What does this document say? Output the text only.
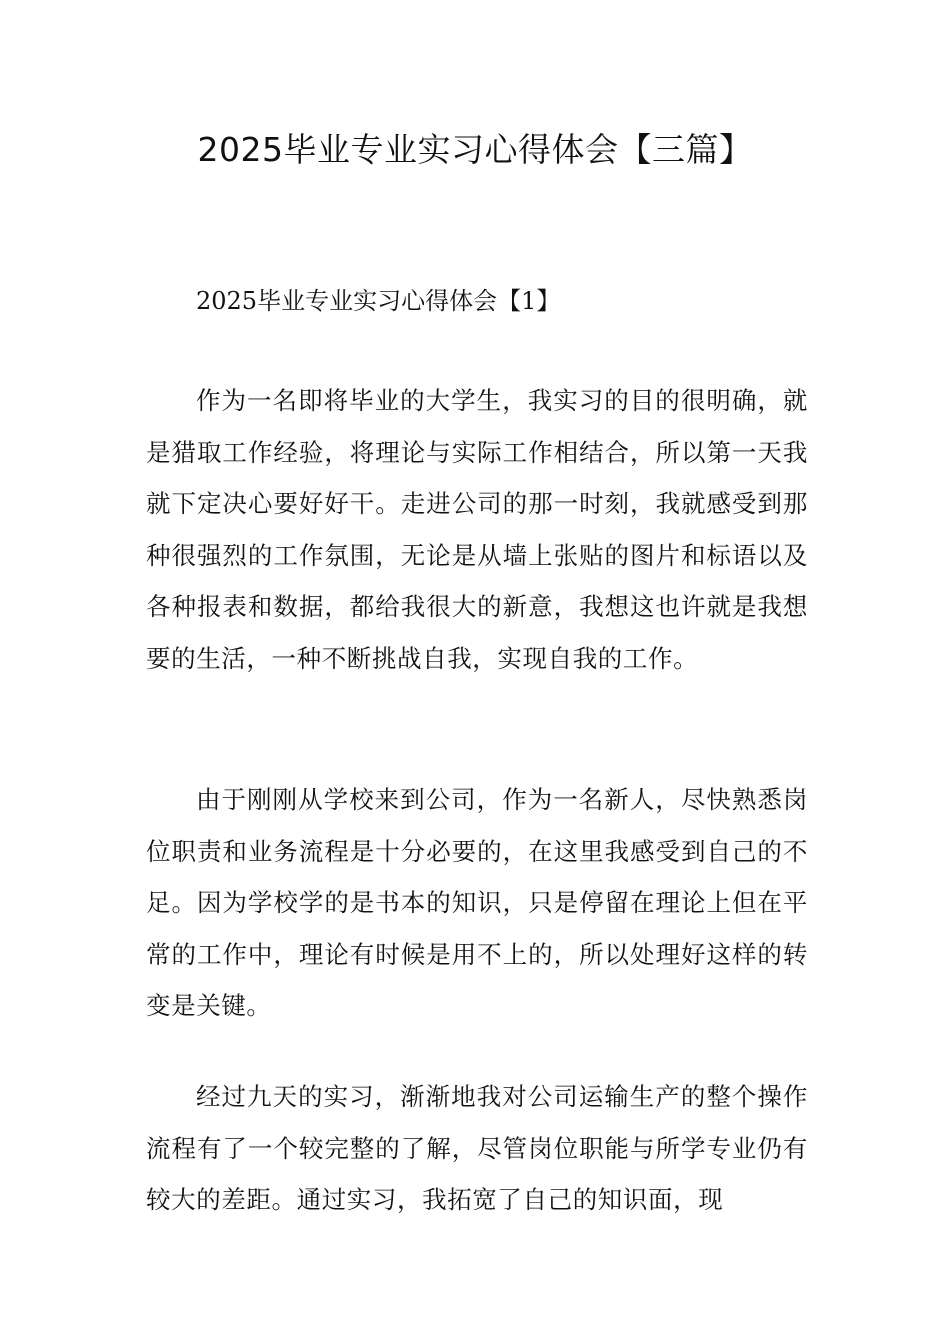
2025毕业专业实习心得体会【三篇】
2025毕业专业实习心得体会【1】

作为一名即将毕业的大学生，我实习的目的很明确，就是猎取工作经验，将理论与实际工作相结合，所以第一天我就下定决心要好好干。走进公司的那一时刻，我就感受到那种很强烈的工作氛围，无论是从墙上张贴的图片和标语以及各种报表和数据，都给我很大的新意，我想这也许就是我想要的生活，一种不断挑战自我，实现自我的工作。

由于刚刚从学校来到公司，作为一名新人，尽快熟悉岗位职责和业务流程是十分必要的，在这里我感受到自己的不足。因为学校学的是书本的知识，只是停留在理论上但在平常的工作中，理论有时候是用不上的，所以处理好这样的转变是关键。

经过九天的实习，渐渐地我对公司运输生产的整个操作流程有了一个较完整的了解，尽管岗位职能与所学专业仍有较大的差距。通过实习，我拓宽了自己的知识面，现
